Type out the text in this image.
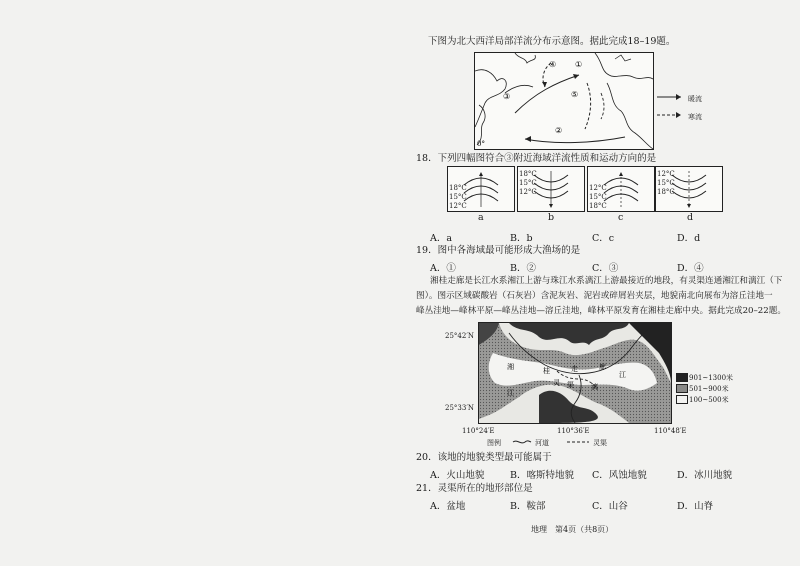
下图为北大西洋局部洋流分布示意图。据此完成18–19题。
④ ①
③	⑤
②
0°
暖流
寒流
18．下列四幅图符合③附近海域洋流性质和运动方向的是
18°C
15°C
12°C
a
18°C
15°C
12°C
b
12°C
15°C
18°C
c
12°C
15°C
18°C
d
A．a	B．b	C．c	D．d
19．图中各海域最可能形成大渔场的是
A．①	B．②	C．③	D．④
湘桂走廊是长江水系湘江上游与珠江水系漓江上游最接近的地段，有灵渠连通湘江和漓江（下
图）。图示区域碳酸岩（石灰岩）含泥灰岩、泥岩或碎屑岩夹层，地貌南北向展布为溶丘洼地一
峰丛洼地—峰林平原—峰丛洼地—溶丘洼地，峰林平原发育在湘桂走廊中央。据此完成20–22题。
25°42′N
25°33′N
湘	桂	走	廊
江
灵 渠 漓
江
110°24′E	110°36′E	110°48′E
901~1300米
501~900米
100~500米
图例	河道	灵渠
20．该地的地貌类型最可能属于
A．火山地貌	B．喀斯特地貌 C．风蚀地貌	D．冰川地貌
21．灵渠所在的地形部位是
A．盆地	B．鞍部	C．山谷	D．山脊
地理　第4页（共8页）
